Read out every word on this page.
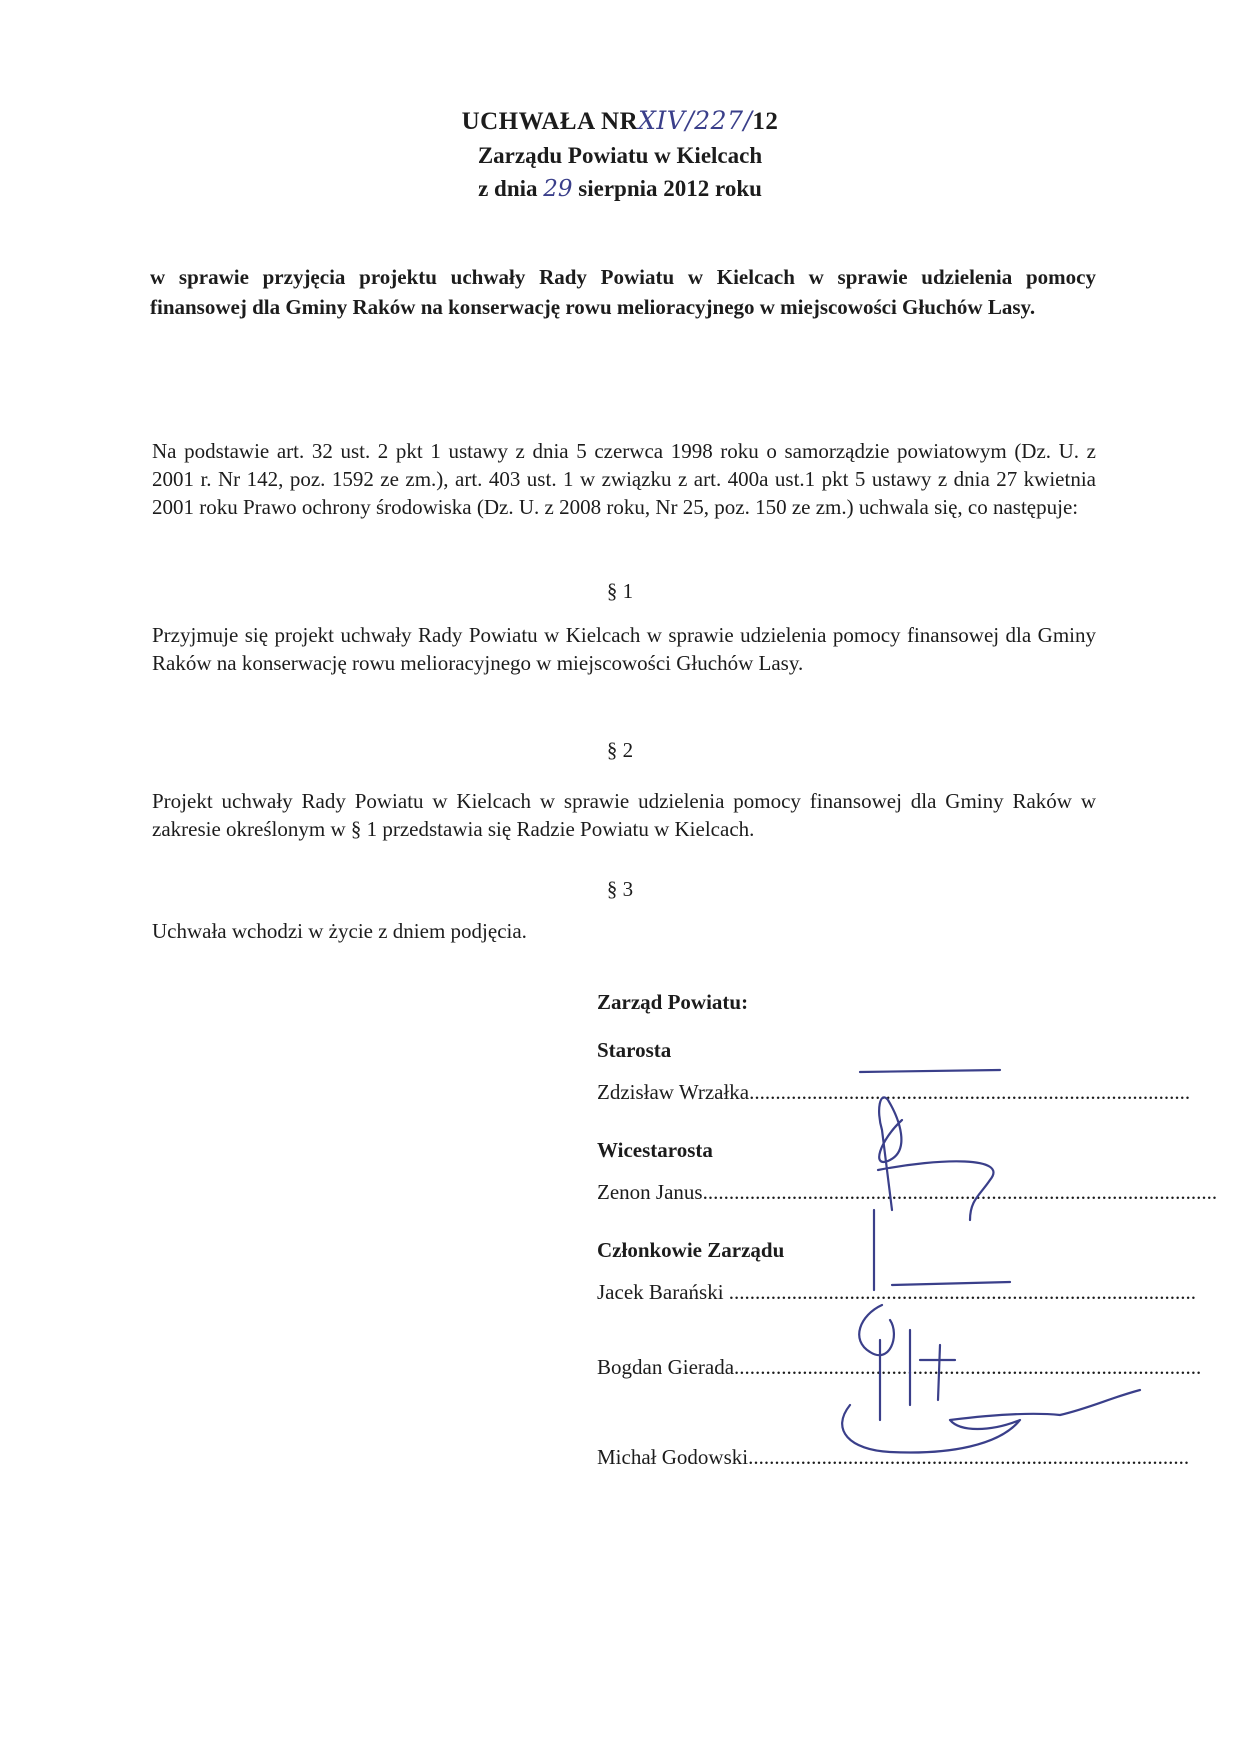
UCHWAŁA NRXIV/227/12
Zarządu Powiatu w Kielcach
z dnia 29 sierpnia 2012 roku
w sprawie przyjęcia projektu uchwały Rady Powiatu w Kielcach w sprawie udzielenia pomocy finansowej dla Gminy Raków na konserwację rowu melioracyjnego w miejscowości Głuchów Lasy.
Na podstawie art. 32 ust. 2 pkt 1 ustawy z dnia 5 czerwca 1998 roku o samorządzie powiatowym (Dz. U. z 2001 r. Nr 142, poz. 1592 ze zm.), art. 403 ust. 1 w związku z art. 400a ust.1 pkt 5 ustawy z dnia 27 kwietnia 2001 roku Prawo ochrony środowiska (Dz. U. z 2008 roku, Nr 25, poz. 150 ze zm.) uchwala się, co następuje:
§ 1
Przyjmuje się projekt uchwały Rady Powiatu w Kielcach w sprawie udzielenia pomocy finansowej dla Gminy Raków na konserwację rowu melioracyjnego w miejscowości Głuchów Lasy.
§ 2
Projekt uchwały Rady Powiatu w Kielcach w sprawie udzielenia pomocy finansowej dla Gminy Raków w zakresie określonym w § 1 przedstawia się Radzie Powiatu w Kielcach.
§ 3
Uchwała wchodzi w życie z dniem podjęcia.
Zarząd Powiatu:
Starosta
Zdzisław Wrzałka....................................................................................
Wicestarosta
Zenon Janus..................................................................................................
Członkowie Zarządu
Jacek Barański .........................................................................................
Bogdan Gierada.........................................................................................
Michał Godowski....................................................................................
